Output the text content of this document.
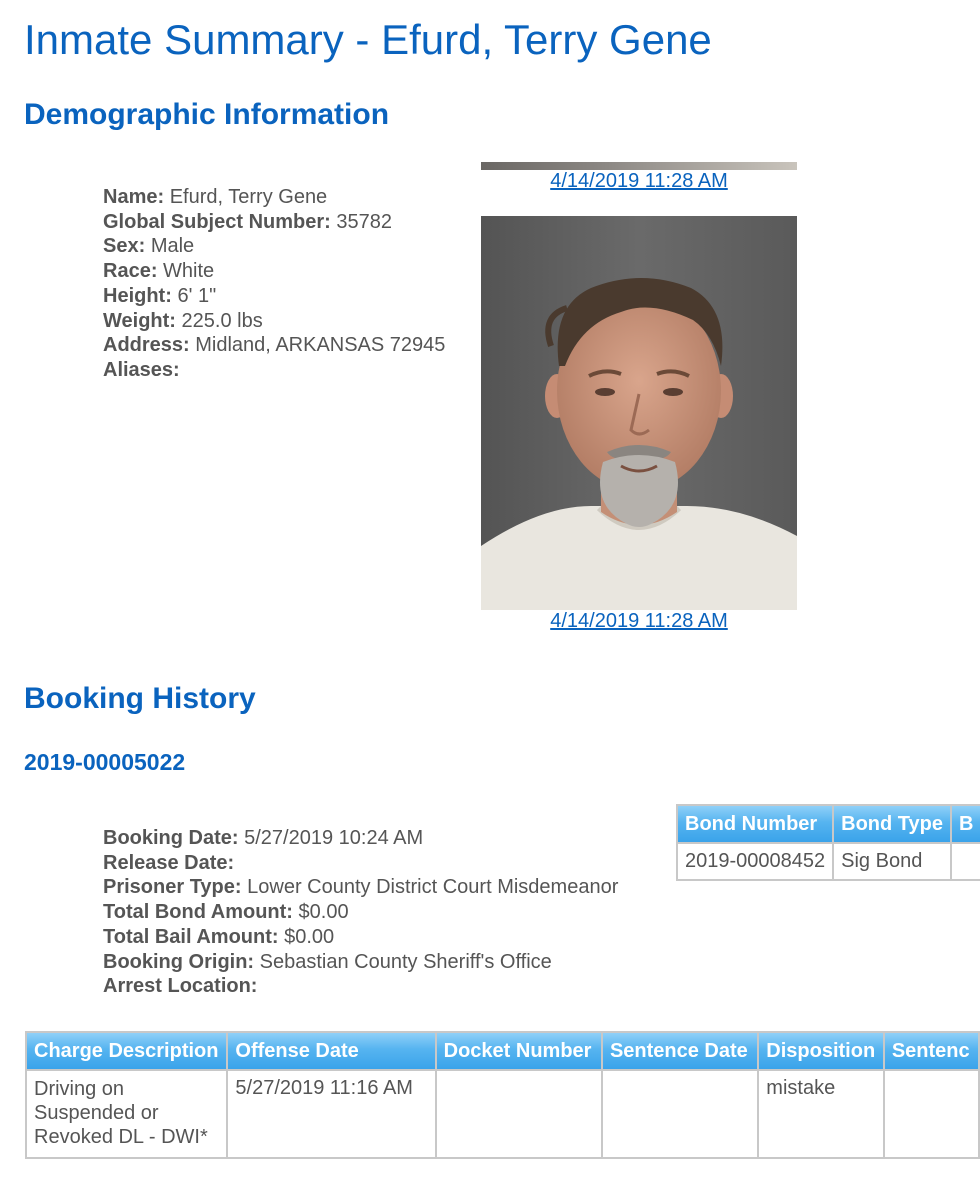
Inmate Summary - Efurd, Terry Gene
Demographic Information
Name: Efurd, Terry Gene
Global Subject Number: 35782
Sex: Male
Race: White
Height: 6' 1"
Weight: 225.0 lbs
Address: Midland, ARKANSAS 72945
Aliases:
4/14/2019 11:28 AM
4/14/2019 11:28 AM
Booking History
2019-00005022
Booking Date: 5/27/2019 10:24 AM
Release Date:
Prisoner Type: Lower County District Court Misdemeanor
Total Bond Amount: $0.00
Total Bail Amount: $0.00
Booking Origin: Sebastian County Sheriff's Office
Arrest Location:
Bond Number	Bond Type	B
2019-00008452	Sig Bond	
Charge Description	Offense Date	Docket Number	Sentence Date	Disposition	Sentenc
Driving on
Suspended or
Revoked DL - DWI*	5/27/2019 11:16 AM			mistake	
